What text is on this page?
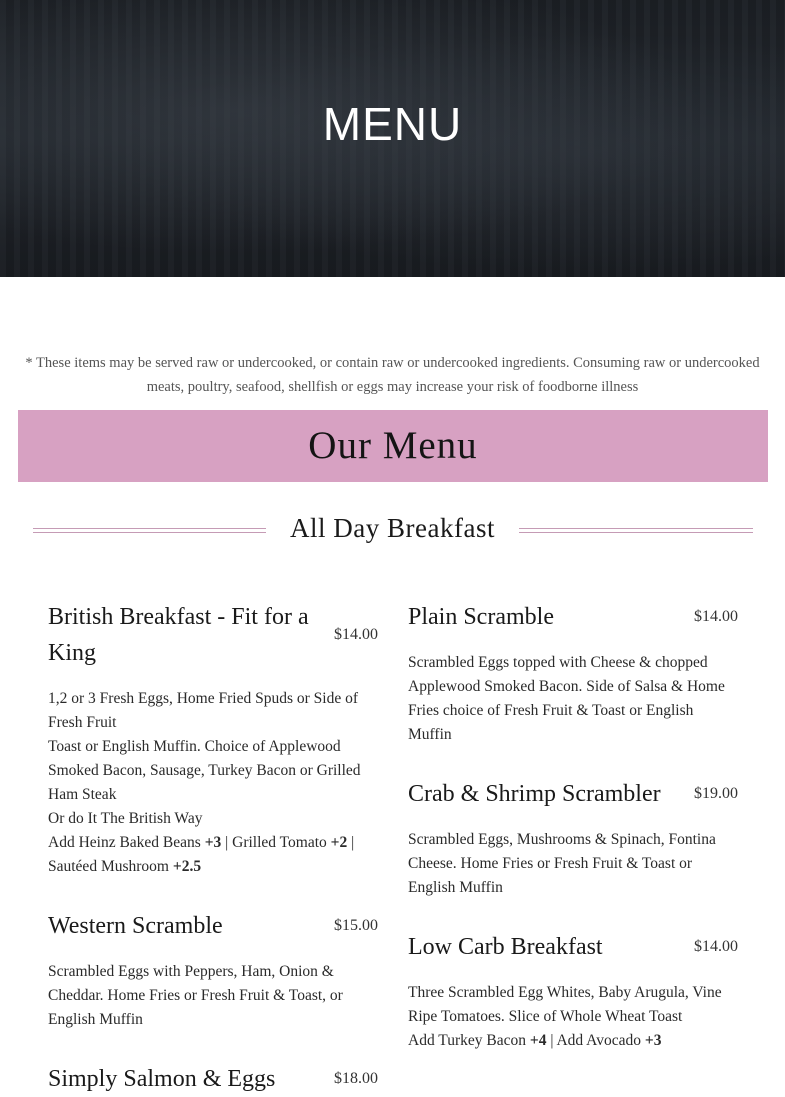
MENU
* These items may be served raw or undercooked, or contain raw or undercooked ingredients. Consuming raw or undercooked meats, poultry, seafood, shellfish or eggs may increase your risk of foodborne illness
Our Menu
All Day Breakfast
British Breakfast - Fit for a King
$14.00
1,2 or 3 Fresh Eggs, Home Fried Spuds or Side of Fresh Fruit
Toast or English Muffin. Choice of Applewood Smoked Bacon, Sausage, Turkey Bacon or Grilled Ham Steak
Or do It The British Way
Add Heinz Baked Beans +3 | Grilled Tomato +2 | Sautéed Mushroom +2.5
Western Scramble	$15.00
Scrambled Eggs with Peppers, Ham, Onion & Cheddar. Home Fries or Fresh Fruit & Toast, or English Muffin
Simply Salmon & Eggs	$18.00
Plain Scramble	$14.00
Scrambled Eggs topped with Cheese & chopped Applewood Smoked Bacon. Side of Salsa & Home Fries choice of Fresh Fruit & Toast or English Muffin
Crab & Shrimp Scrambler	$19.00
Scrambled Eggs, Mushrooms & Spinach, Fontina Cheese. Home Fries or Fresh Fruit & Toast or English Muffin
Low Carb Breakfast	$14.00
Three Scrambled Egg Whites, Baby Arugula, Vine Ripe Tomatoes. Slice of Whole Wheat Toast
Add Turkey Bacon +4 | Add Avocado +3
